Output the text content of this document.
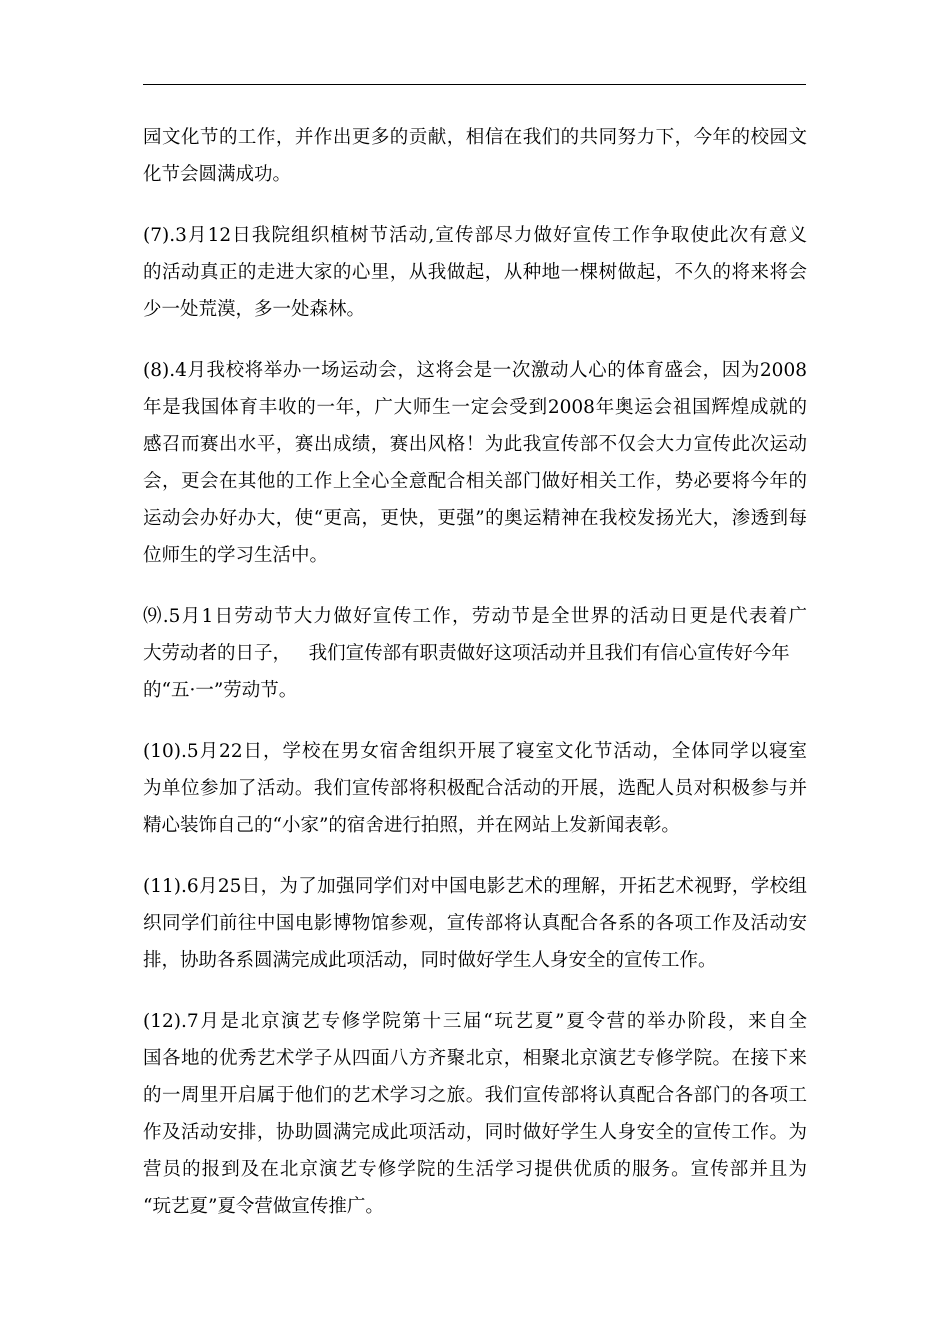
园文化节的工作，并作出更多的贡献，相信在我们的共同努力下，今年的校园文
化节会圆满成功。
(7).3月12日我院组织植树节活动,宣传部尽力做好宣传工作争取使此次有意义
的活动真正的走进大家的心里，从我做起，从种地一棵树做起，不久的将来将会
少一处荒漠，多一处森林。
(8).4月我校将举办一场运动会，这将会是一次激动人心的体育盛会，因为2008
年是我国体育丰收的一年，广大师生一定会受到2008年奥运会祖国辉煌成就的
感召而赛出水平，赛出成绩，赛出风格！为此我宣传部不仅会大力宣传此次运动
会，更会在其他的工作上全心全意配合相关部门做好相关工作，势必要将今年的
运动会办好办大，使“更高，更快，更强”的奥运精神在我校发扬光大，渗透到每
位师生的学习生活中。
⑼.5月1日劳动节大力做好宣传工作，劳动节是全世界的活动日更是代表着广
大劳动者的日子，   我们宣传部有职责做好这项活动并且我们有信心宣传好今年
的“五·一”劳动节。
(10).5月22日，学校在男女宿舍组织开展了寝室文化节活动，全体同学以寝室
为单位参加了活动。我们宣传部将积极配合活动的开展，选配人员对积极参与并
精心装饰自己的“小家”的宿舍进行拍照，并在网站上发新闻表彰。
(11).6月25日，为了加强同学们对中国电影艺术的理解，开拓艺术视野，学校组
织同学们前往中国电影博物馆参观，宣传部将认真配合各系的各项工作及活动安
排，协助各系圆满完成此项活动，同时做好学生人身安全的宣传工作。
(12).7月是北京演艺专修学院第十三届“玩艺夏”夏令营的举办阶段，来自全
国各地的优秀艺术学子从四面八方齐聚北京，相聚北京演艺专修学院。在接下来
的一周里开启属于他们的艺术学习之旅。我们宣传部将认真配合各部门的各项工
作及活动安排，协助圆满完成此项活动，同时做好学生人身安全的宣传工作。为
营员的报到及在北京演艺专修学院的生活学习提供优质的服务。宣传部并且为
“玩艺夏”夏令营做宣传推广。
